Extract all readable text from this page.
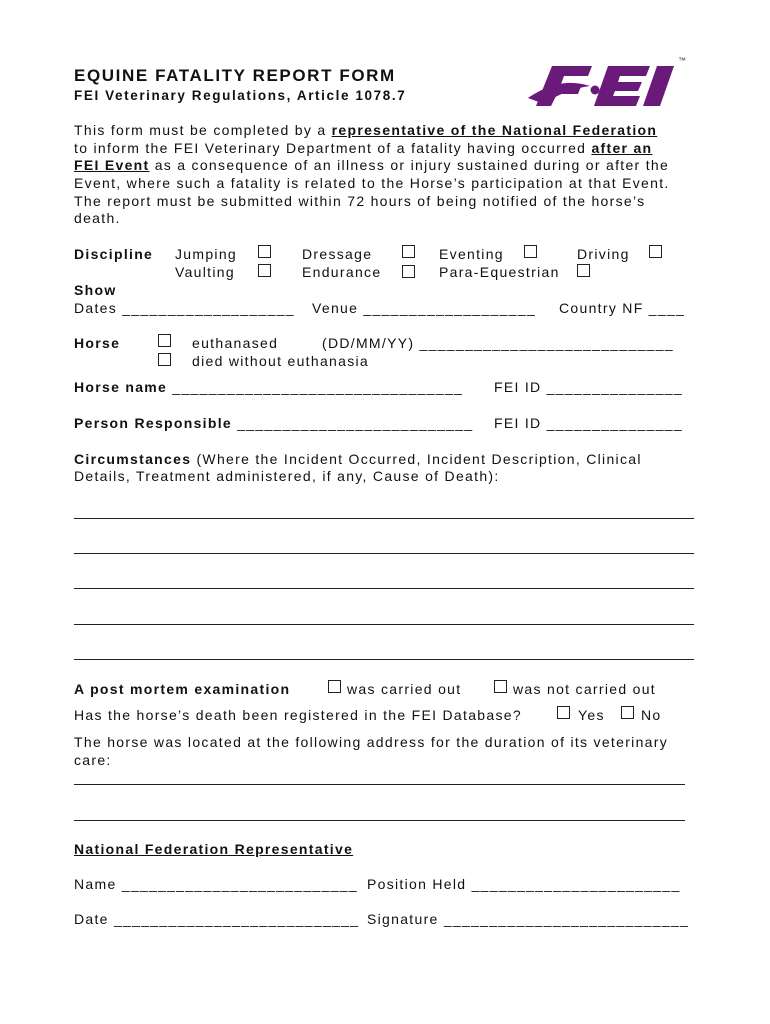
EQUINE FATALITY REPORT FORM
FEI Veterinary Regulations, Article 1078.7
™
This form must be completed by a representative of the National Federation
to inform the FEI Veterinary Department of a fatality having occurred after an
FEI Event as a consequence of an illness or injury sustained during or after the
Event, where such a fatality is related to the Horse’s participation at that Event.
The report must be submitted within 72 hours of being notified of the horse’s
death.
Discipline Jumping	Dressage	Eventing	Driving
Vaulting	Endurance	Para-Equestrian
Show
Dates ___________________ Venue ___________________ Country NF ____
Horse	euthanased	(DD/MM/YY) ____________________________
died without euthanasia
Horse name ________________________________ FEI ID _______________
Person Responsible __________________________ FEI ID _______________
Circumstances (Where the Incident Occurred, Incident Description, Clinical
Details, Treatment administered, if any, Cause of Death):
A post mortem examination	was carried out	was not carried out
Has the horse’s death been registered in the FEI Database?	Yes	No
The horse was located at the following address for the duration of its veterinary
care:
National Federation Representative
Name __________________________ Position Held _______________________
Date ___________________________ Signature ___________________________
